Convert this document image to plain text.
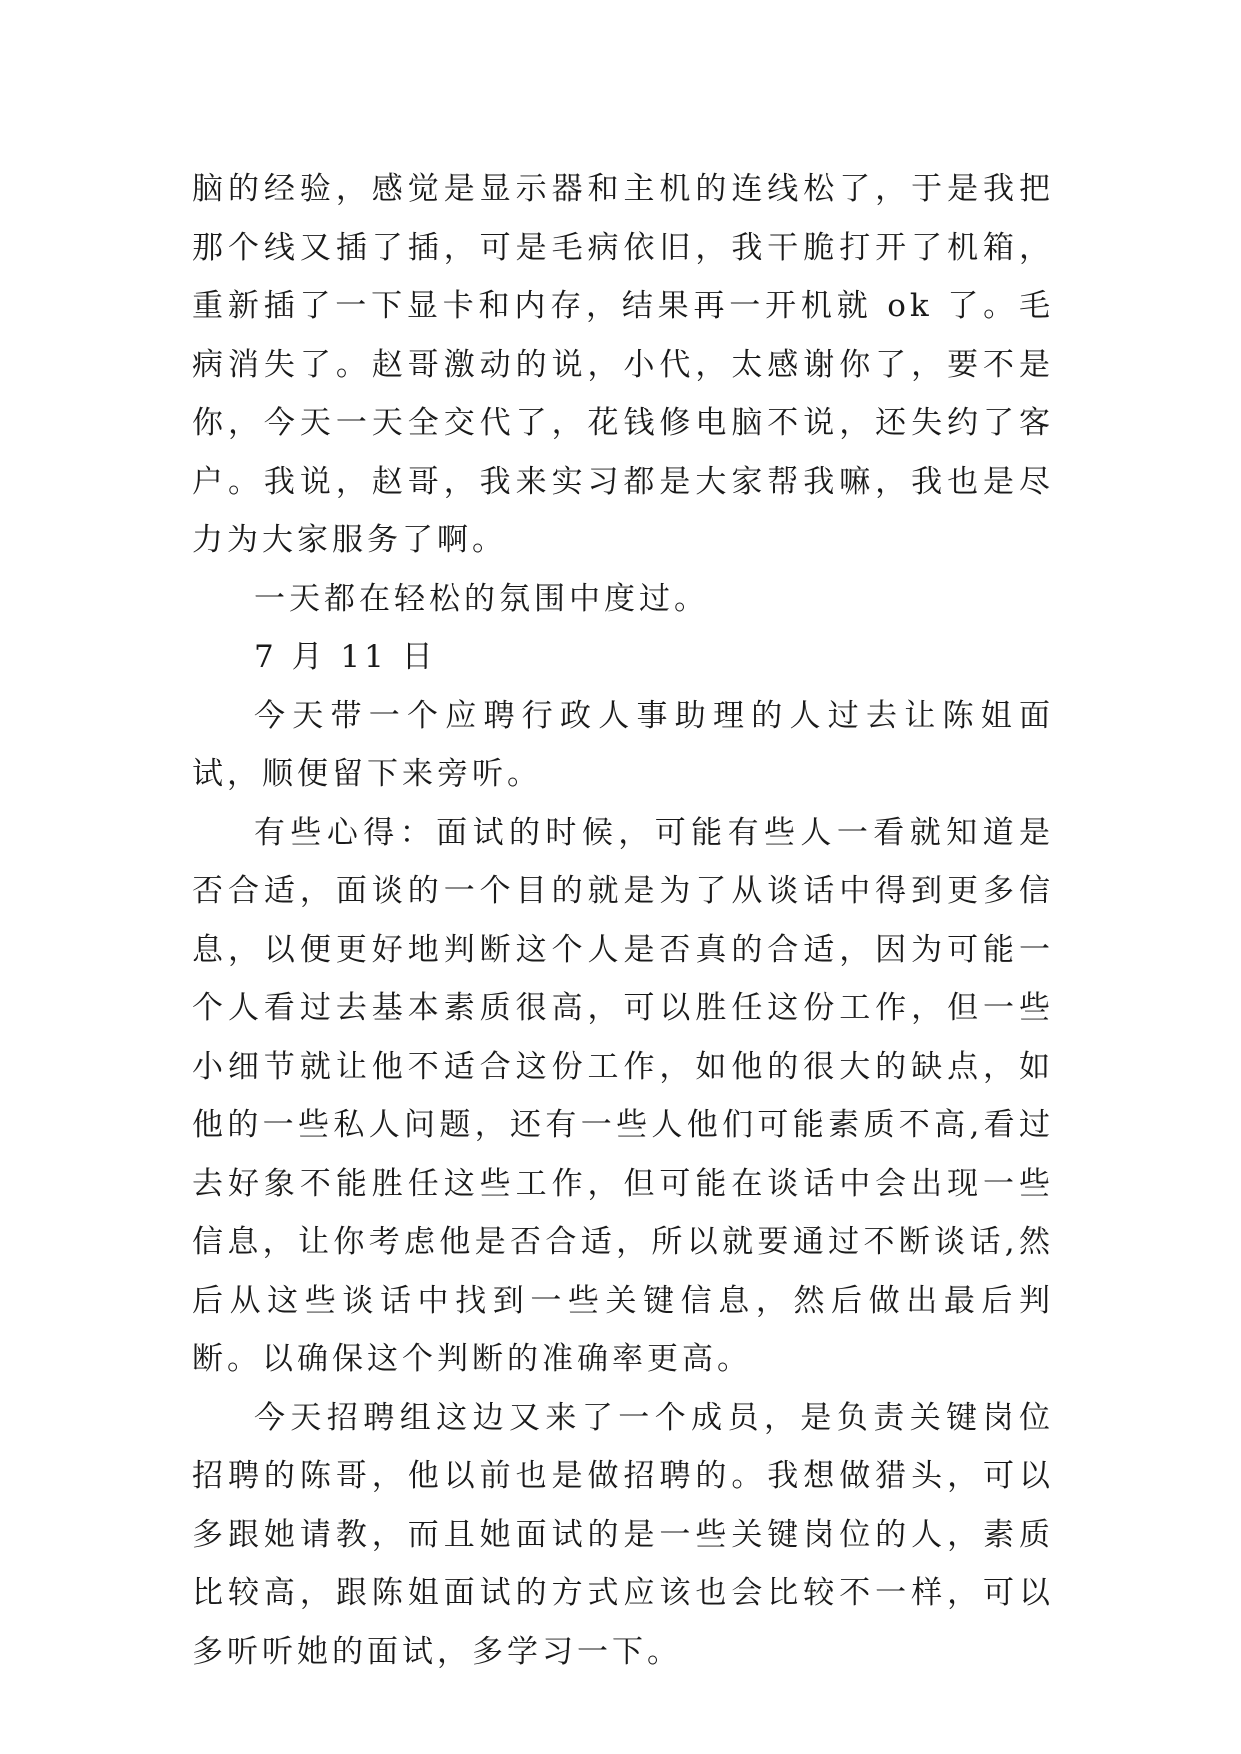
脑的经验，感觉是显示器和主机的连线松了，于是我把那个线又插了插，可是毛病依旧，我干脆打开了机箱，重新插了一下显卡和内存，结果再一开机就 ok 了。毛病消失了。赵哥激动的说，小代，太感谢你了，要不是你，今天一天全交代了，花钱修电脑不说，还失约了客户。我说，赵哥，我来实习都是大家帮我嘛，我也是尽力为大家服务了啊。

一天都在轻松的氛围中度过。

7 月 11 日

今天带一个应聘行政人事助理的人过去让陈姐面试，顺便留下来旁听。

有些心得：面试的时候，可能有些人一看就知道是否合适，面谈的一个目的就是为了从谈话中得到更多信息，以便更好地判断这个人是否真的合适，因为可能一个人看过去基本素质很高，可以胜任这份工作，但一些小细节就让他不适合这份工作，如他的很大的缺点，如他的一些私人问题，还有一些人他们可能素质不高,看过去好象不能胜任这些工作，但可能在谈话中会出现一些信息，让你考虑他是否合适，所以就要通过不断谈话,然后从这些谈话中找到一些关键信息，然后做出最后判断。以确保这个判断的准确率更高。

今天招聘组这边又来了一个成员，是负责关键岗位招聘的陈哥，他以前也是做招聘的。我想做猎头，可以多跟她请教，而且她面试的是一些关键岗位的人，素质比较高，跟陈姐面试的方式应该也会比较不一样，可以多听听她的面试，多学习一下。
